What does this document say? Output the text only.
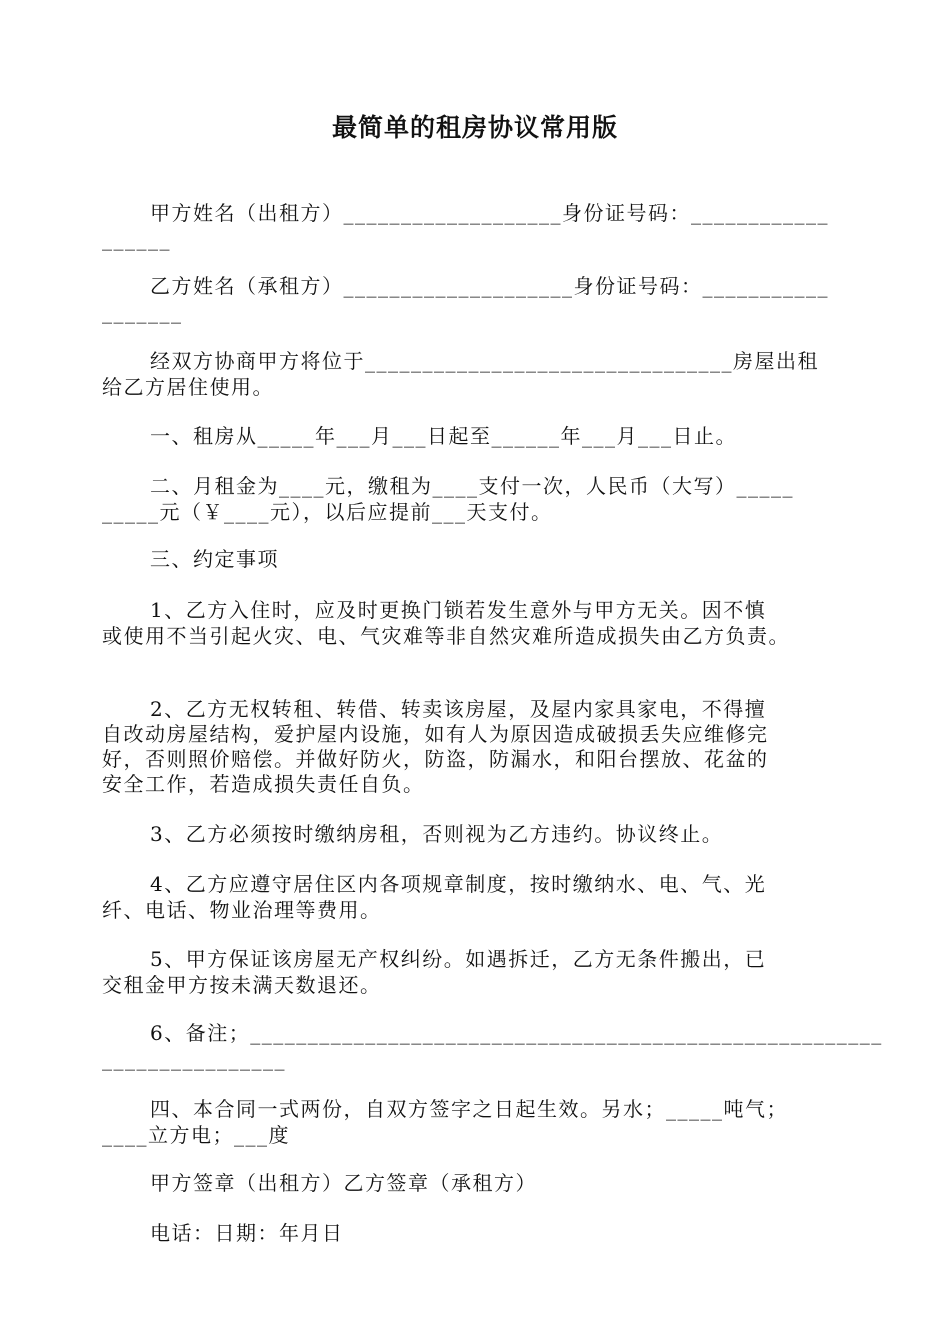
最简单的租房协议常用版
甲方姓名（出租方）___________________身份证号码：____________
______
乙方姓名（承租方）____________________身份证号码：___________
_______
经双方协商甲方将位于________________________________房屋出租
给乙方居住使用。
一、租房从_____年___月___日起至______年___月___日止。
二、月租金为____元，缴租为____支付一次，人民币（大写）_____
_____元（￥____元），以后应提前___天支付。
三、约定事项
1、乙方入住时，应及时更换门锁若发生意外与甲方无关。因不慎
或使用不当引起火灾、电、气灾难等非自然灾难所造成损失由乙方负责。
2、乙方无权转租、转借、转卖该房屋，及屋内家具家电，不得擅
自改动房屋结构，爱护屋内设施，如有人为原因造成破损丢失应维修完
好，否则照价赔偿。并做好防火，防盗，防漏水，和阳台摆放、花盆的
安全工作，若造成损失责任自负。
3、乙方必须按时缴纳房租，否则视为乙方违约。协议终止。
4、乙方应遵守居住区内各项规章制度，按时缴纳水、电、气、光
纤、电话、物业治理等费用。
5、甲方保证该房屋无产权纠纷。如遇拆迁，乙方无条件搬出，已
交租金甲方按未满天数退还。
6、备注；_______________________________________________________
________________
四、本合同一式两份，自双方签字之日起生效。另水；_____吨气；
____立方电；___度
甲方签章（出租方）乙方签章（承租方）
电话：日期：年月日
